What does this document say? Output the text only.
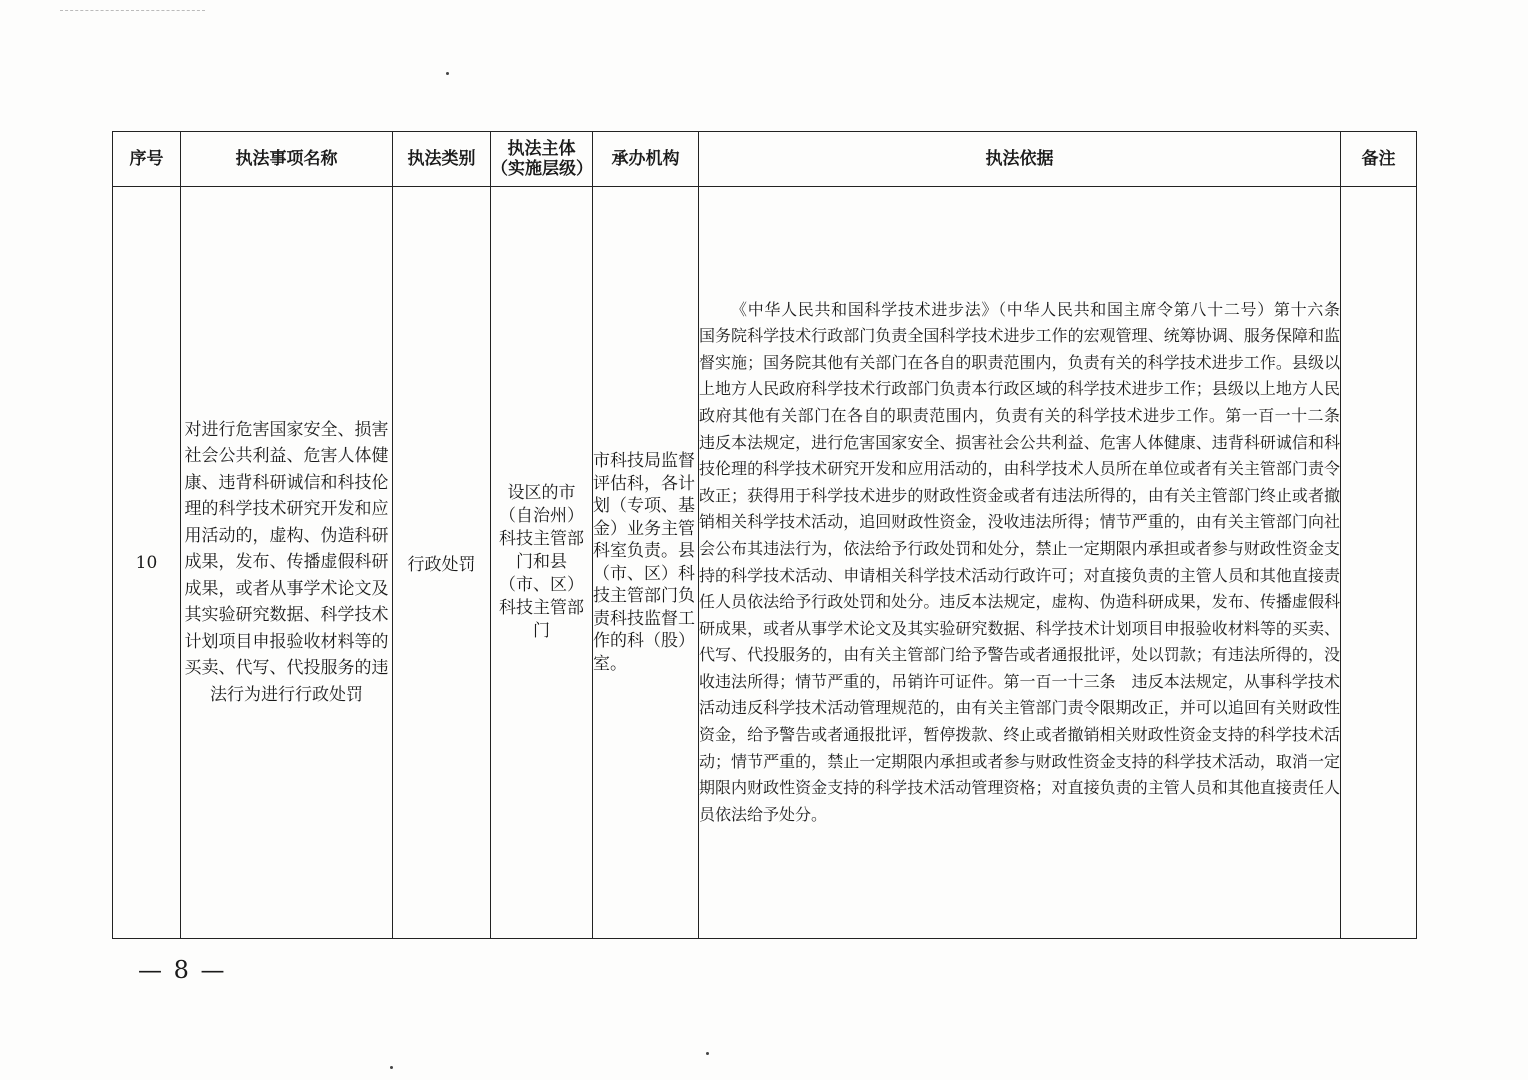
序号	执法事项名称	执法类别	执法主体（实施层级）	承办机构	执法依据	备注
10	对进行危害国家安全、损害社会公共利益、危害人体健康、违背科研诚信和科技伦理的科学技术研究开发和应用活动的，虚构、伪造科研成果，发布、传播虚假科研成果，或者从事学术论文及其实验研究数据、科学技术计划项目申报验收材料等的买卖、代写、代投服务的违法行为进行行政处罚	行政处罚	设区的市（自治州）科技主管部门和县（市、区）科技主管部门	市科技局监督评估科，各计划（专项、基金）业务主管科室负责。县（市、区）科技主管部门负责科技监督工作的科（股）室。	《中华人民共和国科学技术进步法》（中华人民共和国主席令第八十二号）第十六条　国务院科学技术行政部门负责全国科学技术进步工作的宏观管理、统筹协调、服务保障和监督实施；国务院其他有关部门在各自的职责范围内，负责有关的科学技术进步工作。县级以上地方人民政府科学技术行政部门负责本行政区域的科学技术进步工作；县级以上地方人民政府其他有关部门在各自的职责范围内，负责有关的科学技术进步工作。第一百一十二条　违反本法规定，进行危害国家安全、损害社会公共利益、危害人体健康、违背科研诚信和科技伦理的科学技术研究开发和应用活动的，由科学技术人员所在单位或者有关主管部门责令改正；获得用于科学技术进步的财政性资金或者有违法所得的，由有关主管部门终止或者撤销相关科学技术活动，追回财政性资金，没收违法所得；情节严重的，由有关主管部门向社会公布其违法行为，依法给予行政处罚和处分，禁止一定期限内承担或者参与财政性资金支持的科学技术活动、申请相关科学技术活动行政许可；对直接负责的主管人员和其他直接责任人员依法给予行政处罚和处分。违反本法规定，虚构、伪造科研成果，发布、传播虚假科研成果，或者从事学术论文及其实验研究数据、科学技术计划项目申报验收材料等的买卖、代写、代投服务的，由有关主管部门给予警告或者通报批评，处以罚款；有违法所得的，没收违法所得；情节严重的，吊销许可证件。第一百一十三条　违反本法规定，从事科学技术活动违反科学技术活动管理规范的，由有关主管部门责令限期改正，并可以追回有关财政性资金，给予警告或者通报批评，暂停拨款、终止或者撤销相关财政性资金支持的科学技术活动；情节严重的，禁止一定期限内承担或者参与财政性资金支持的科学技术活动，取消一定期限内财政性资金支持的科学技术活动管理资格；对直接负责的主管人员和其他直接责任人员依法给予处分。	

— 8 —
